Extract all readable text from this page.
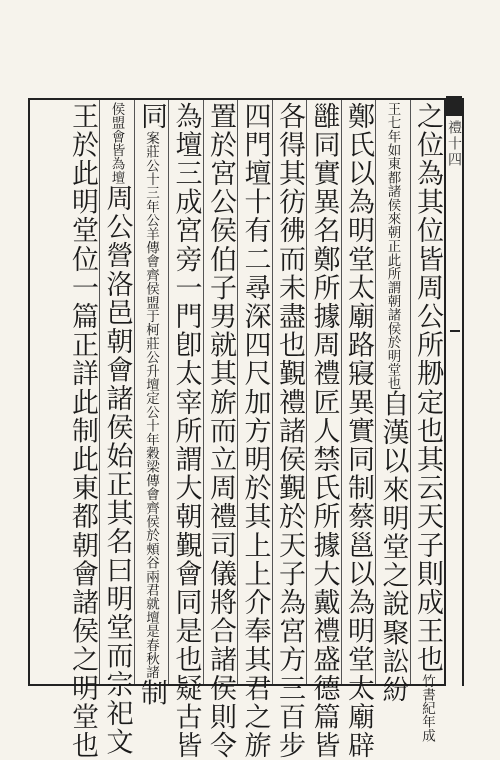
禮十四
之位為其位皆周公所刱定也其云天子則成王也竹書紀年成
王七年如東都諸侯來朝正此所謂朝諸侯於明堂也自漢以來明堂之說聚訟紛
鄭氏以為明堂太廟路寢異實同制蔡邕以為明堂太廟辟
雝同實異名鄭所據周禮匠人禁氏所據大戴禮盛德篇皆
各得其彷彿而未盡也覲禮諸侯覲於天子為宮方三百步
四門壇十有二尋深四尺加方明於其上上介奉其君之旂
置於宮公侯伯子男就其旂而立周禮司儀將合諸侯則令
為壇三成宮旁一門卽太宰所謂大朝覲會同是也疑古皆
同案莊公十三年公羊傳會齊侯盟于柯莊公升壇定公十年穀梁傳會齊侯於頰谷兩君就壇是春秋諸制
侯盟會皆為壇周公營洛邑朝會諸侯始正其名曰明堂而宗祀文
王於此明堂位一篇正詳此制此東都朝會諸侯之明堂也
